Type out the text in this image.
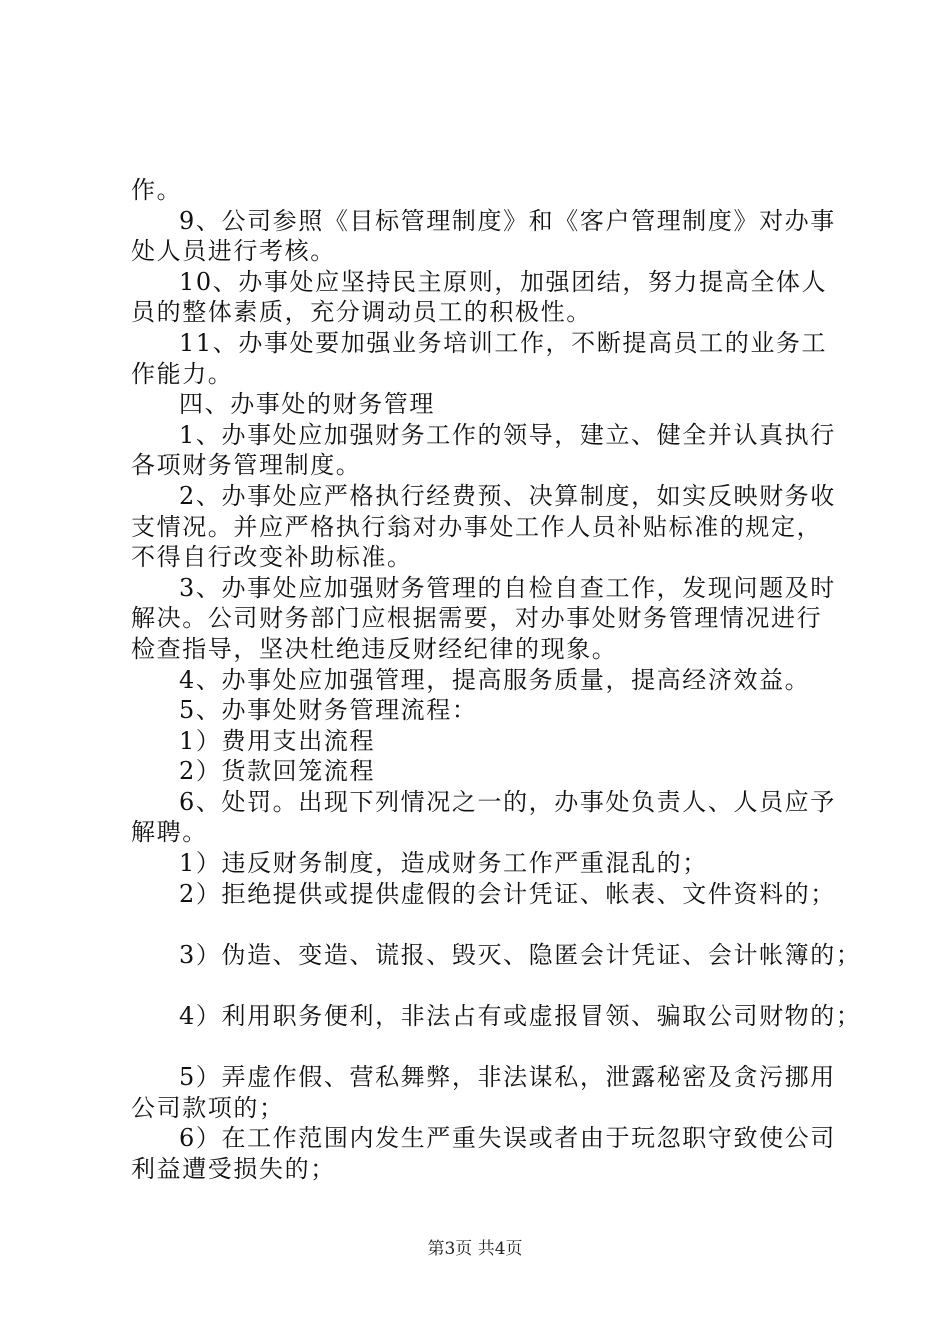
作。
9、公司参照《目标管理制度》和《客户管理制度》对办事
处人员进行考核。
10、办事处应坚持民主原则，加强团结，努力提高全体人
员的整体素质，充分调动员工的积极性。
11、办事处要加强业务培训工作，不断提高员工的业务工
作能力。
四、办事处的财务管理
1、办事处应加强财务工作的领导，建立、健全并认真执行
各项财务管理制度。
2、办事处应严格执行经费预、决算制度，如实反映财务收
支情况。并应严格执行翁对办事处工作人员补贴标准的规定，
不得自行改变补助标准。
3、办事处应加强财务管理的自检自查工作，发现问题及时
解决。公司财务部门应根据需要，对办事处财务管理情况进行
检查指导，坚决杜绝违反财经纪律的现象。
4、办事处应加强管理，提高服务质量，提高经济效益。
5、办事处财务管理流程：
1）费用支出流程
2）货款回笼流程
6、处罚。出现下列情况之一的，办事处负责人、人员应予
解聘。
1）违反财务制度，造成财务工作严重混乱的；
2）拒绝提供或提供虚假的会计凭证、帐表、文件资料的；
3）伪造、变造、谎报、毁灭、隐匿会计凭证、会计帐簿的；
4）利用职务便利，非法占有或虚报冒领、骗取公司财物的；
5）弄虚作假、营私舞弊，非法谋私，泄露秘密及贪污挪用
公司款项的；
6）在工作范围内发生严重失误或者由于玩忽职守致使公司
利益遭受损失的；
第3页 共4页
